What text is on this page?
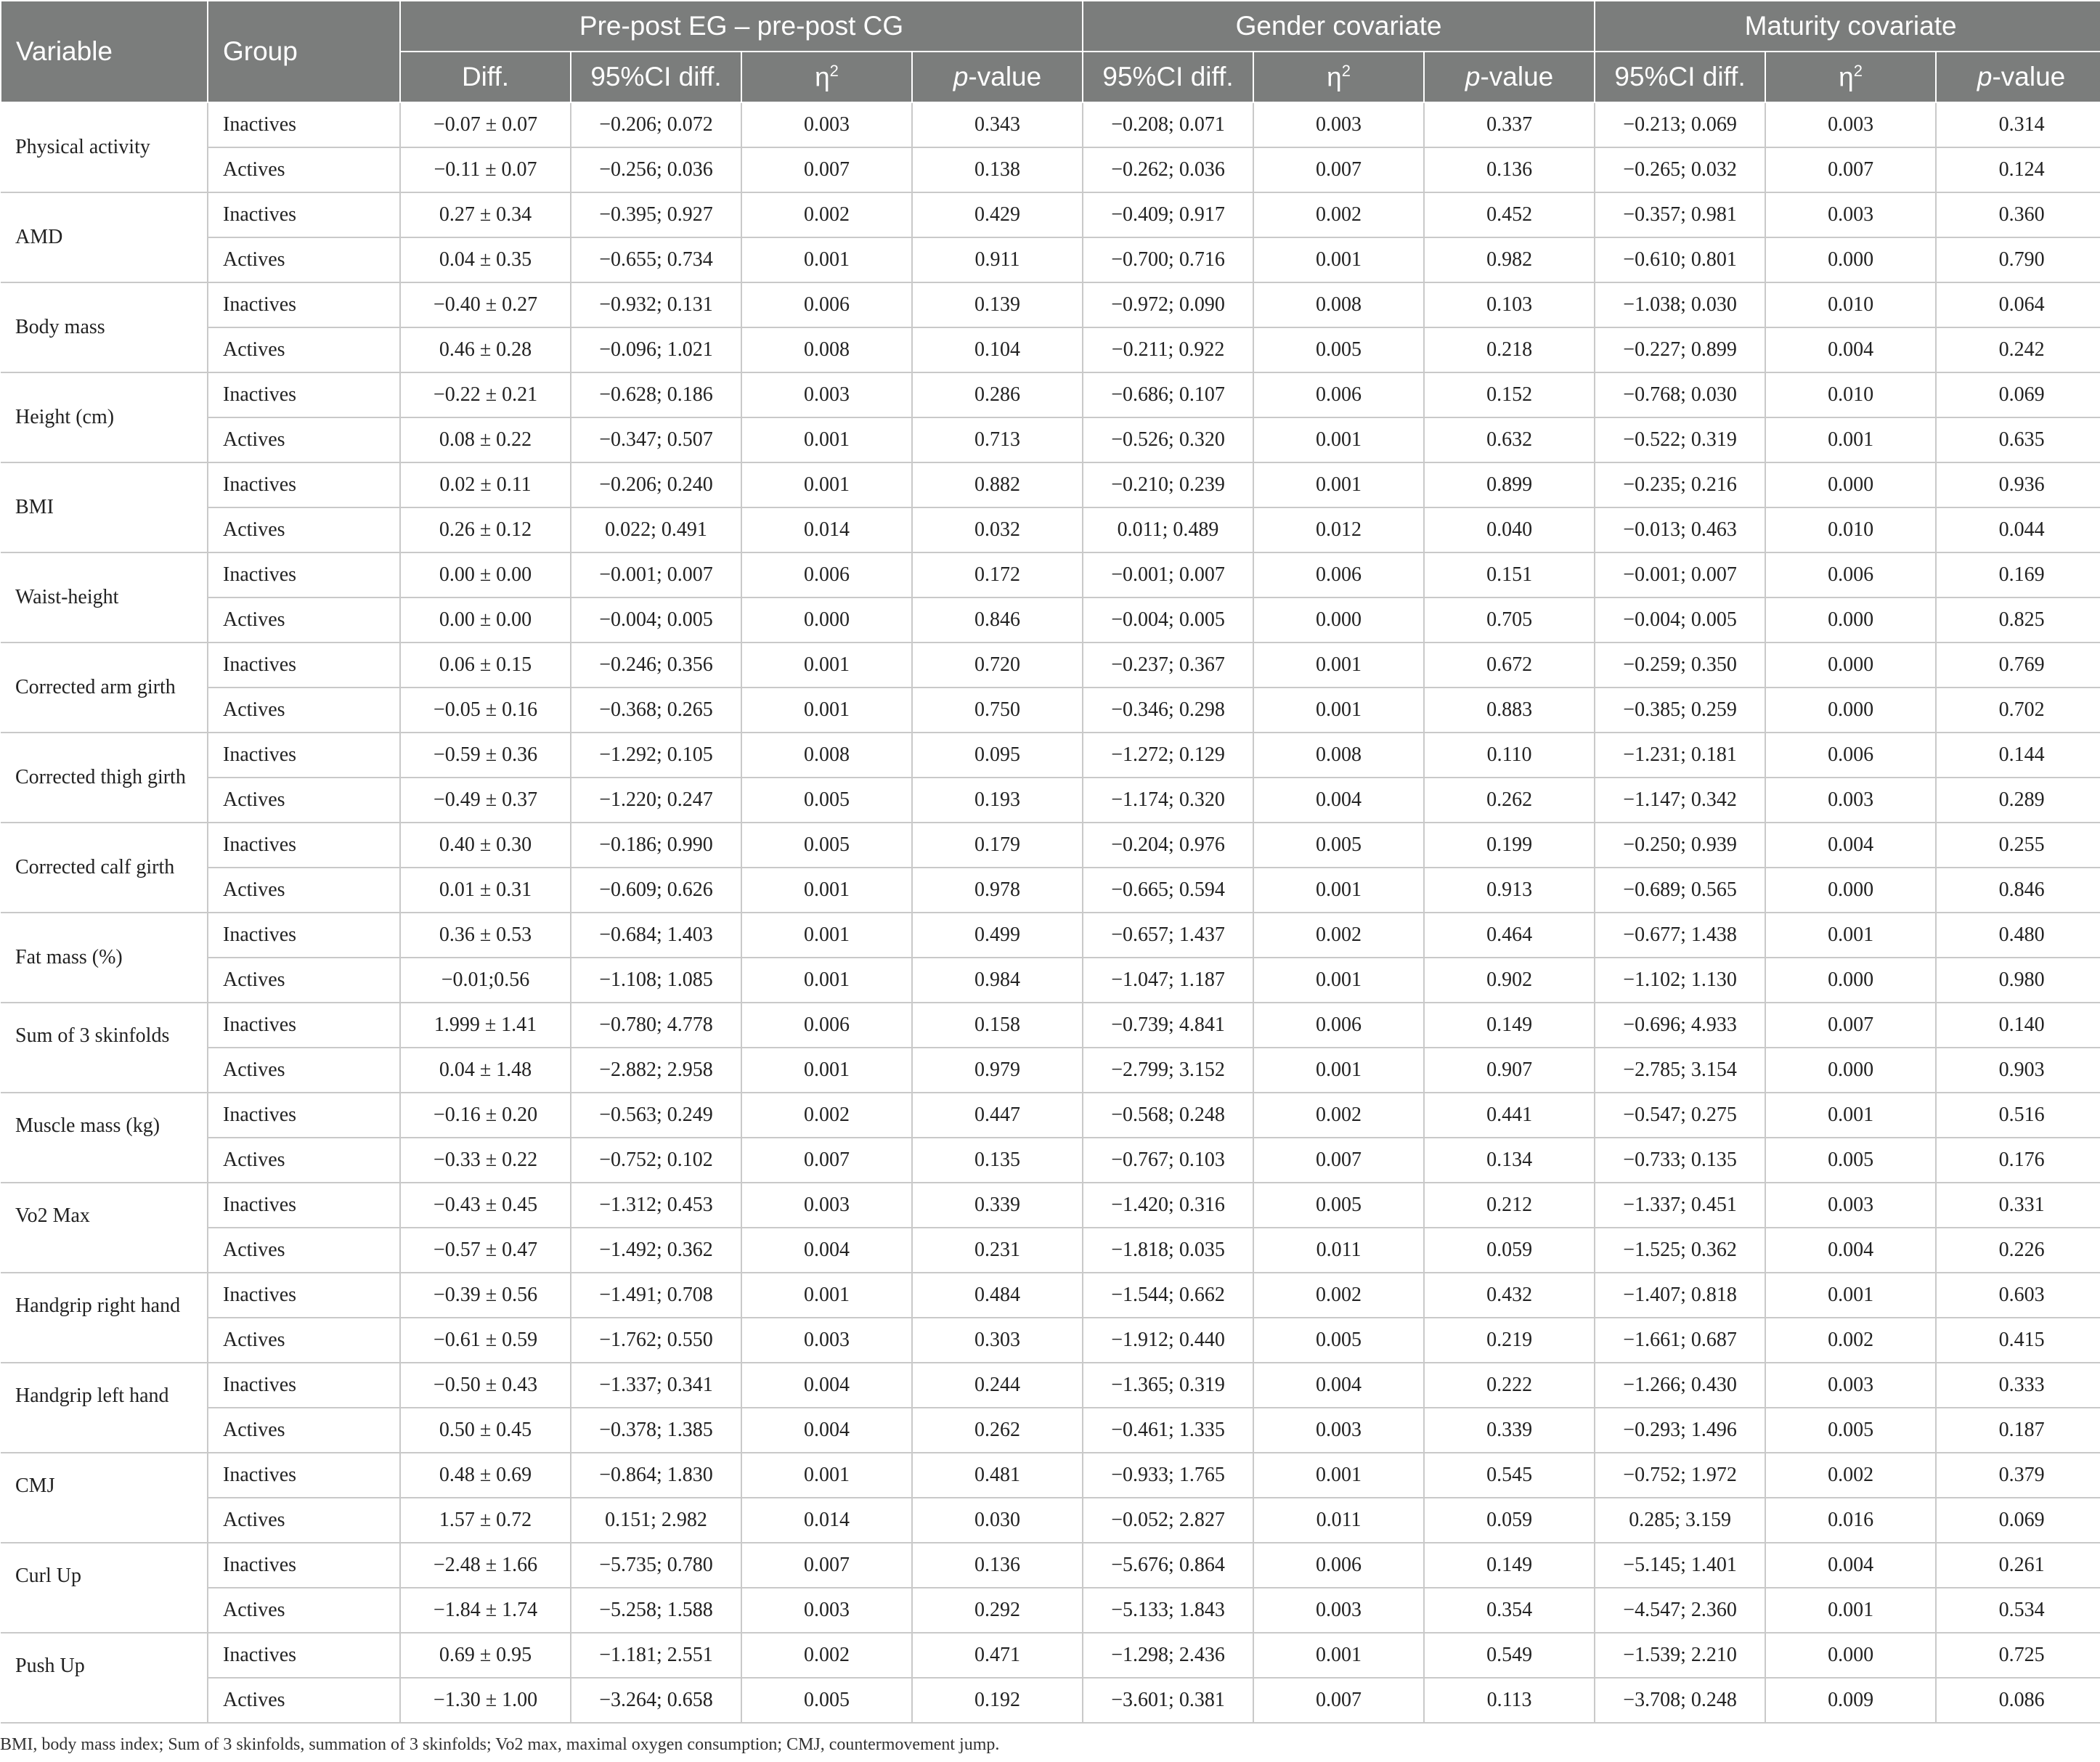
Variable	Group	Pre-post EG – pre-post CG				Gender covariate			Maturity covariate		
		Diff.	95%CI diff.	$\eta^2$	p-value	95%CI diff.	$\eta^2$	p-value	95%CI diff.	$\eta^2$	p-value
Physical activity	Inactives	−0.07 ± 0.07	−0.206; 0.072	0.003	0.343	−0.208; 0.071	0.003	0.337	−0.213; 0.069	0.003	0.314
	Actives	−0.11 ± 0.07	−0.256; 0.036	0.007	0.138	−0.262; 0.036	0.007	0.136	−0.265; 0.032	0.007	0.124
AMD	Inactives	0.27 ± 0.34	−0.395; 0.927	0.002	0.429	−0.409; 0.917	0.002	0.452	−0.357; 0.981	0.003	0.360
	Actives	0.04 ± 0.35	−0.655; 0.734	0.001	0.911	−0.700; 0.716	0.001	0.982	−0.610; 0.801	0.000	0.790
Body mass	Inactives	−0.40 ± 0.27	−0.932; 0.131	0.006	0.139	−0.972; 0.090	0.008	0.103	−1.038; 0.030	0.010	0.064
	Actives	0.46 ± 0.28	−0.096; 1.021	0.008	0.104	−0.211; 0.922	0.005	0.218	−0.227; 0.899	0.004	0.242
Height (cm)	Inactives	−0.22 ± 0.21	−0.628; 0.186	0.003	0.286	−0.686; 0.107	0.006	0.152	−0.768; 0.030	0.010	0.069
	Actives	0.08 ± 0.22	−0.347; 0.507	0.001	0.713	−0.526; 0.320	0.001	0.632	−0.522; 0.319	0.001	0.635
BMI	Inactives	0.02 ± 0.11	−0.206; 0.240	0.001	0.882	−0.210; 0.239	0.001	0.899	−0.235; 0.216	0.000	0.936
	Actives	0.26 ± 0.12	0.022; 0.491	0.014	0.032	0.011; 0.489	0.012	0.040	−0.013; 0.463	0.010	0.044
Waist-height	Inactives	0.00 ± 0.00	−0.001; 0.007	0.006	0.172	−0.001; 0.007	0.006	0.151	−0.001; 0.007	0.006	0.169
	Actives	0.00 ± 0.00	−0.004; 0.005	0.000	0.846	−0.004; 0.005	0.000	0.705	−0.004; 0.005	0.000	0.825
Corrected arm girth	Inactives	0.06 ± 0.15	−0.246; 0.356	0.001	0.720	−0.237; 0.367	0.001	0.672	−0.259; 0.350	0.000	0.769
	Actives	−0.05 ± 0.16	−0.368; 0.265	0.001	0.750	−0.346; 0.298	0.001	0.883	−0.385; 0.259	0.000	0.702
Corrected thigh girth	Inactives	−0.59 ± 0.36	−1.292; 0.105	0.008	0.095	−1.272; 0.129	0.008	0.110	−1.231; 0.181	0.006	0.144
	Actives	−0.49 ± 0.37	−1.220; 0.247	0.005	0.193	−1.174; 0.320	0.004	0.262	−1.147; 0.342	0.003	0.289
Corrected calf girth	Inactives	0.40 ± 0.30	−0.186; 0.990	0.005	0.179	−0.204; 0.976	0.005	0.199	−0.250; 0.939	0.004	0.255
	Actives	0.01 ± 0.31	−0.609; 0.626	0.001	0.978	−0.665; 0.594	0.001	0.913	−0.689; 0.565	0.000	0.846
Fat mass (%)	Inactives	0.36 ± 0.53	−0.684; 1.403	0.001	0.499	−0.657; 1.437	0.002	0.464	−0.677; 1.438	0.001	0.480
	Actives	−0.01;0.56	−1.108; 1.085	0.001	0.984	−1.047; 1.187	0.001	0.902	−1.102; 1.130	0.000	0.980
Sum of 3 skinfolds	Inactives	1.999 ± 1.41	−0.780; 4.778	0.006	0.158	−0.739; 4.841	0.006	0.149	−0.696; 4.933	0.007	0.140
	Actives	0.04 ± 1.48	−2.882; 2.958	0.001	0.979	−2.799; 3.152	0.001	0.907	−2.785; 3.154	0.000	0.903
Muscle mass (kg)	Inactives	−0.16 ± 0.20	−0.563; 0.249	0.002	0.447	−0.568; 0.248	0.002	0.441	−0.547; 0.275	0.001	0.516
	Actives	−0.33 ± 0.22	−0.752; 0.102	0.007	0.135	−0.767; 0.103	0.007	0.134	−0.733; 0.135	0.005	0.176
Vo2 Max	Inactives	−0.43 ± 0.45	−1.312; 0.453	0.003	0.339	−1.420; 0.316	0.005	0.212	−1.337; 0.451	0.003	0.331
	Actives	−0.57 ± 0.47	−1.492; 0.362	0.004	0.231	−1.818; 0.035	0.011	0.059	−1.525; 0.362	0.004	0.226
Handgrip right hand	Inactives	−0.39 ± 0.56	−1.491; 0.708	0.001	0.484	−1.544; 0.662	0.002	0.432	−1.407; 0.818	0.001	0.603
	Actives	−0.61 ± 0.59	−1.762; 0.550	0.003	0.303	−1.912; 0.440	0.005	0.219	−1.661; 0.687	0.002	0.415
Handgrip left hand	Inactives	−0.50 ± 0.43	−1.337; 0.341	0.004	0.244	−1.365; 0.319	0.004	0.222	−1.266; 0.430	0.003	0.333
	Actives	0.50 ± 0.45	−0.378; 1.385	0.004	0.262	−0.461; 1.335	0.003	0.339	−0.293; 1.496	0.005	0.187
CMJ	Inactives	0.48 ± 0.69	−0.864; 1.830	0.001	0.481	−0.933; 1.765	0.001	0.545	−0.752; 1.972	0.002	0.379
	Actives	1.57 ± 0.72	0.151; 2.982	0.014	0.030	−0.052; 2.827	0.011	0.059	0.285; 3.159	0.016	0.069
Curl Up	Inactives	−2.48 ± 1.66	−5.735; 0.780	0.007	0.136	−5.676; 0.864	0.006	0.149	−5.145; 1.401	0.004	0.261
	Actives	−1.84 ± 1.74	−5.258; 1.588	0.003	0.292	−5.133; 1.843	0.003	0.354	−4.547; 2.360	0.001	0.534
Push Up	Inactives	0.69 ± 0.95	−1.181; 2.551	0.002	0.471	−1.298; 2.436	0.001	0.549	−1.539; 2.210	0.000	0.725
	Actives	−1.30 ± 1.00	−3.264; 0.658	0.005	0.192	−3.601; 0.381	0.007	0.113	−3.708; 0.248	0.009	0.086
BMI, body mass index; Sum of 3 skinfolds, summation of 3 skinfolds; Vo2 max, maximal oxygen consumption; CMJ, countermovement jump.
